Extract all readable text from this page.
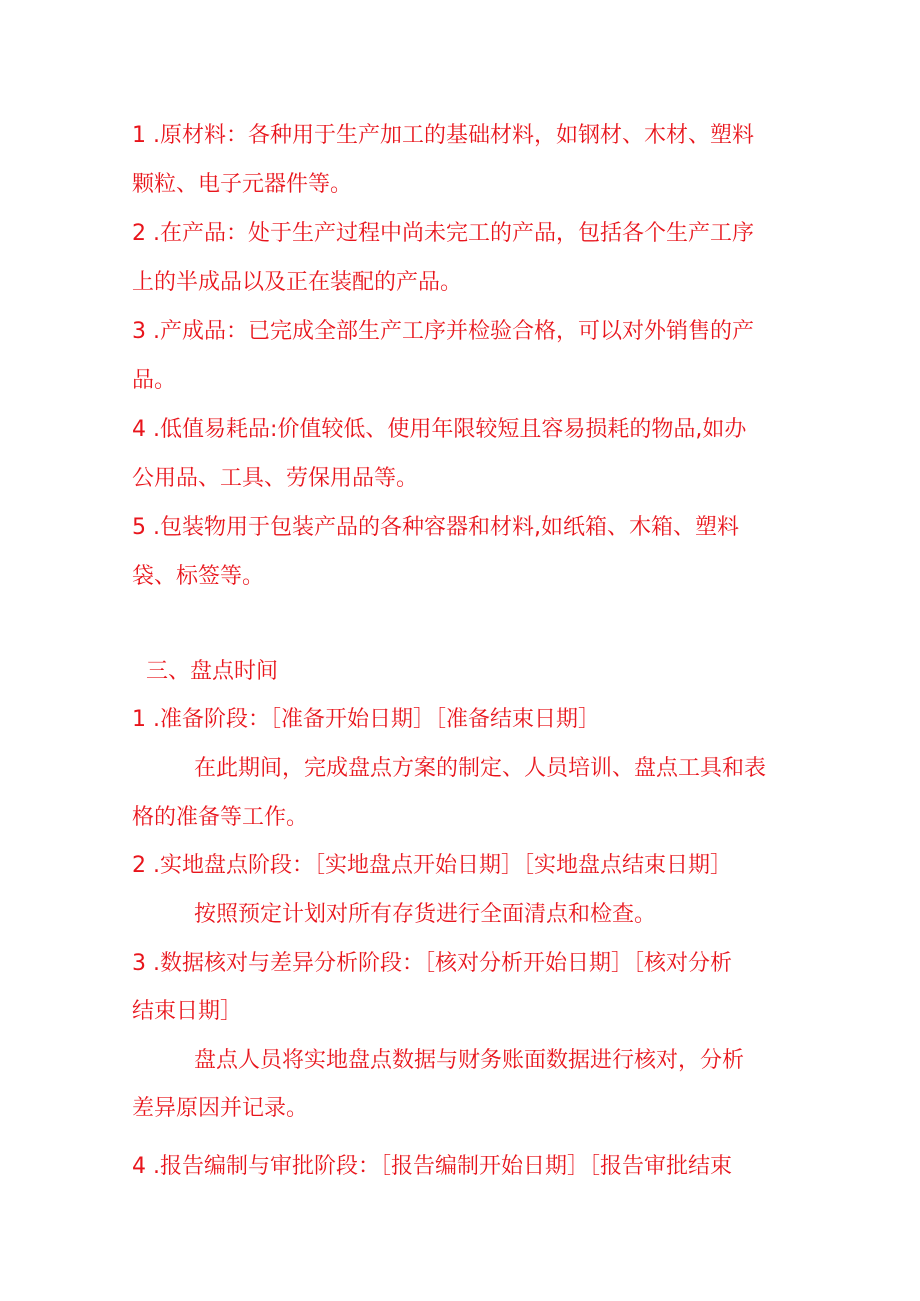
1 .原材料：各种用于生产加工的基础材料，如钢材、木材、塑料
颗粒、电子元器件等。
2 .在产品：处于生产过程中尚未完工的产品，包括各个生产工序
上的半成品以及正在装配的产品。
3 .产成品：已完成全部生产工序并检验合格，可以对外销售的产
品。
4 .低值易耗品:价值较低、使用年限较短且容易损耗的物品,如办
公用品、工具、劳保用品等。
5 .包装物用于包装产品的各种容器和材料,如纸箱、木箱、塑料
袋、标签等。
三、盘点时间
1 .准备阶段：［准备开始日期］［准备结束日期］
在此期间，完成盘点方案的制定、人员培训、盘点工具和表
格的准备等工作。
2 .实地盘点阶段：［实地盘点开始日期］［实地盘点结束日期］
按照预定计划对所有存货进行全面清点和检查。
3 .数据核对与差异分析阶段：［核对分析开始日期］［核对分析
结束日期］
盘点人员将实地盘点数据与财务账面数据进行核对，分析
差异原因并记录。
4 .报告编制与审批阶段：［报告编制开始日期］［报告审批结束
